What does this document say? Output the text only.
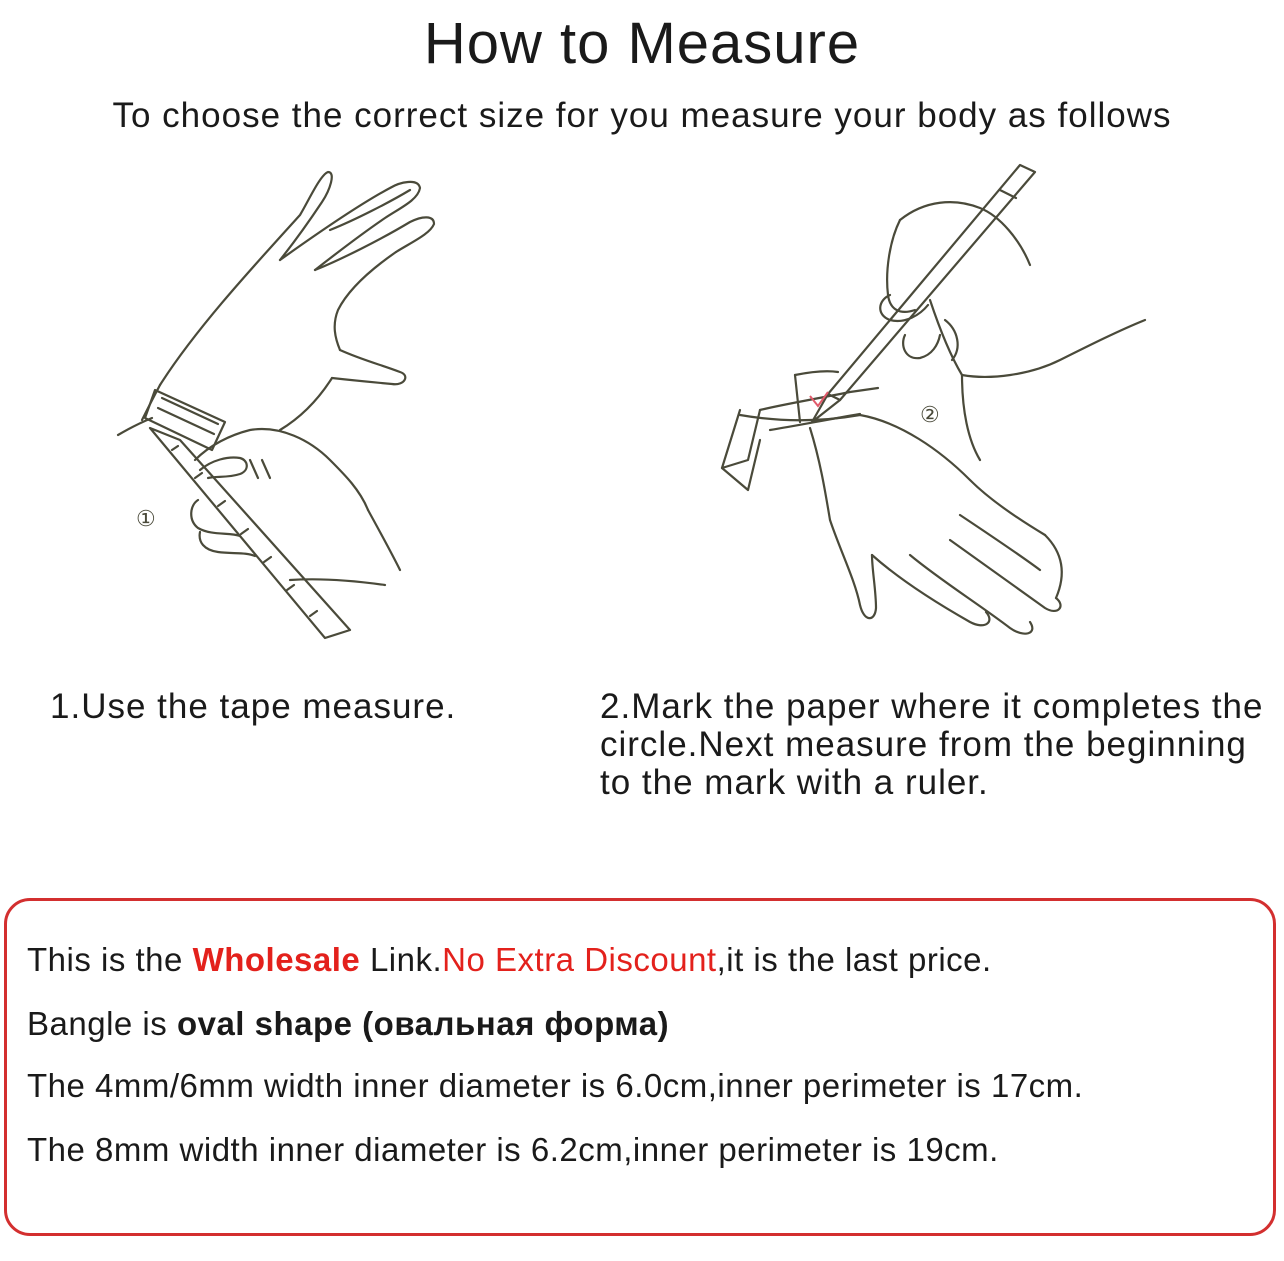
How to Measure
To choose the correct size for you measure your body as follows
①
②
1.Use the tape measure.	2.Mark the paper where it completes the circle.Next measure from the beginning to the mark with a ruler.
This is the Wholesale Link.No Extra Discount,it is the last price.
Bangle is oval shape (овальная форма)
The 4mm/6mm width inner diameter is 6.0cm,inner perimeter is 17cm.
The 8mm width inner diameter is 6.2cm,inner perimeter is 19cm.
